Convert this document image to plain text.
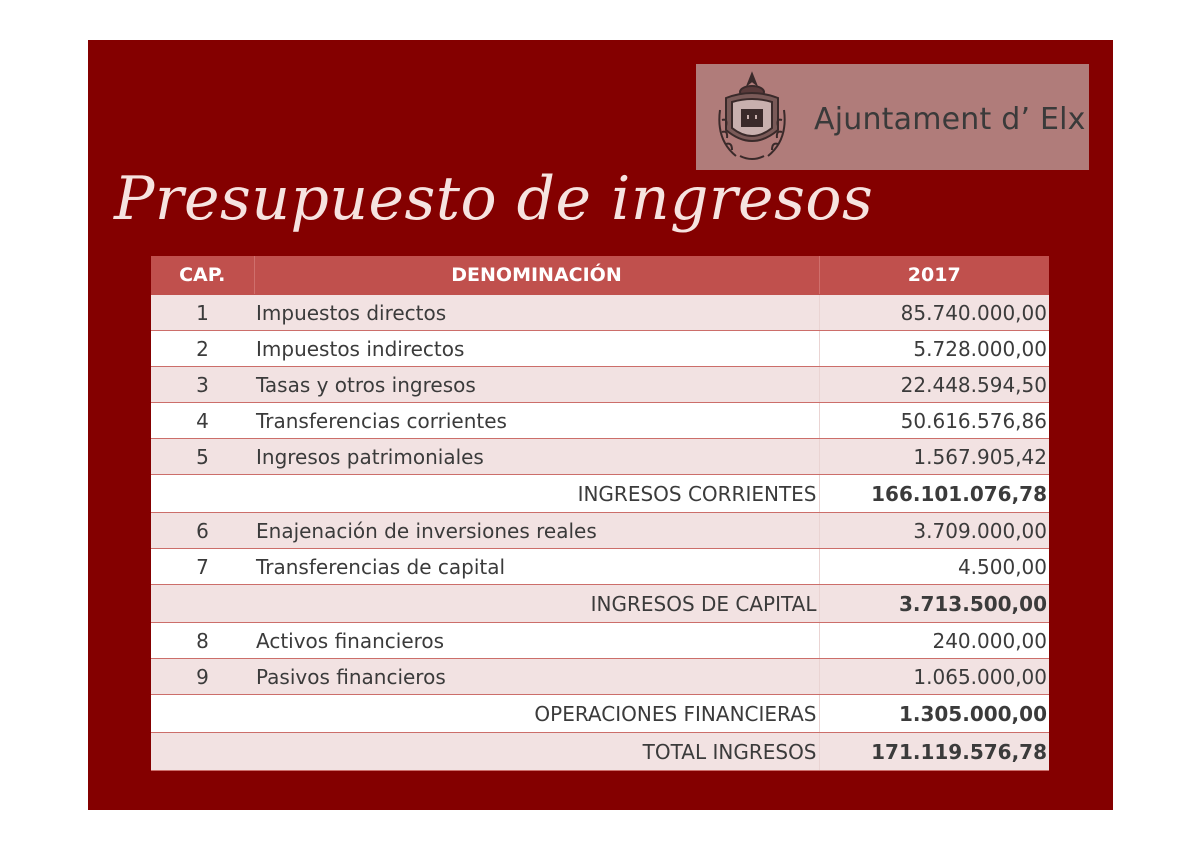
Ajuntament d’ Elx
Presupuesto de ingresos
CAP.	DENOMINACIÓN	2017
1	Impuestos directos	85.740.000,00
2	Impuestos indirectos	5.728.000,00
3	Tasas y otros ingresos	22.448.594,50
4	Transferencias corrientes	50.616.576,86
5	Ingresos patrimoniales	1.567.905,42
	INGRESOS CORRIENTES	166.101.076,78
6	Enajenación de inversiones reales	3.709.000,00
7	Transferencias de capital	4.500,00
	INGRESOS DE CAPITAL	3.713.500,00
8	Activos financieros	240.000,00
9	Pasivos financieros	1.065.000,00
	OPERACIONES FINANCIERAS	1.305.000,00
	TOTAL INGRESOS	171.119.576,78
